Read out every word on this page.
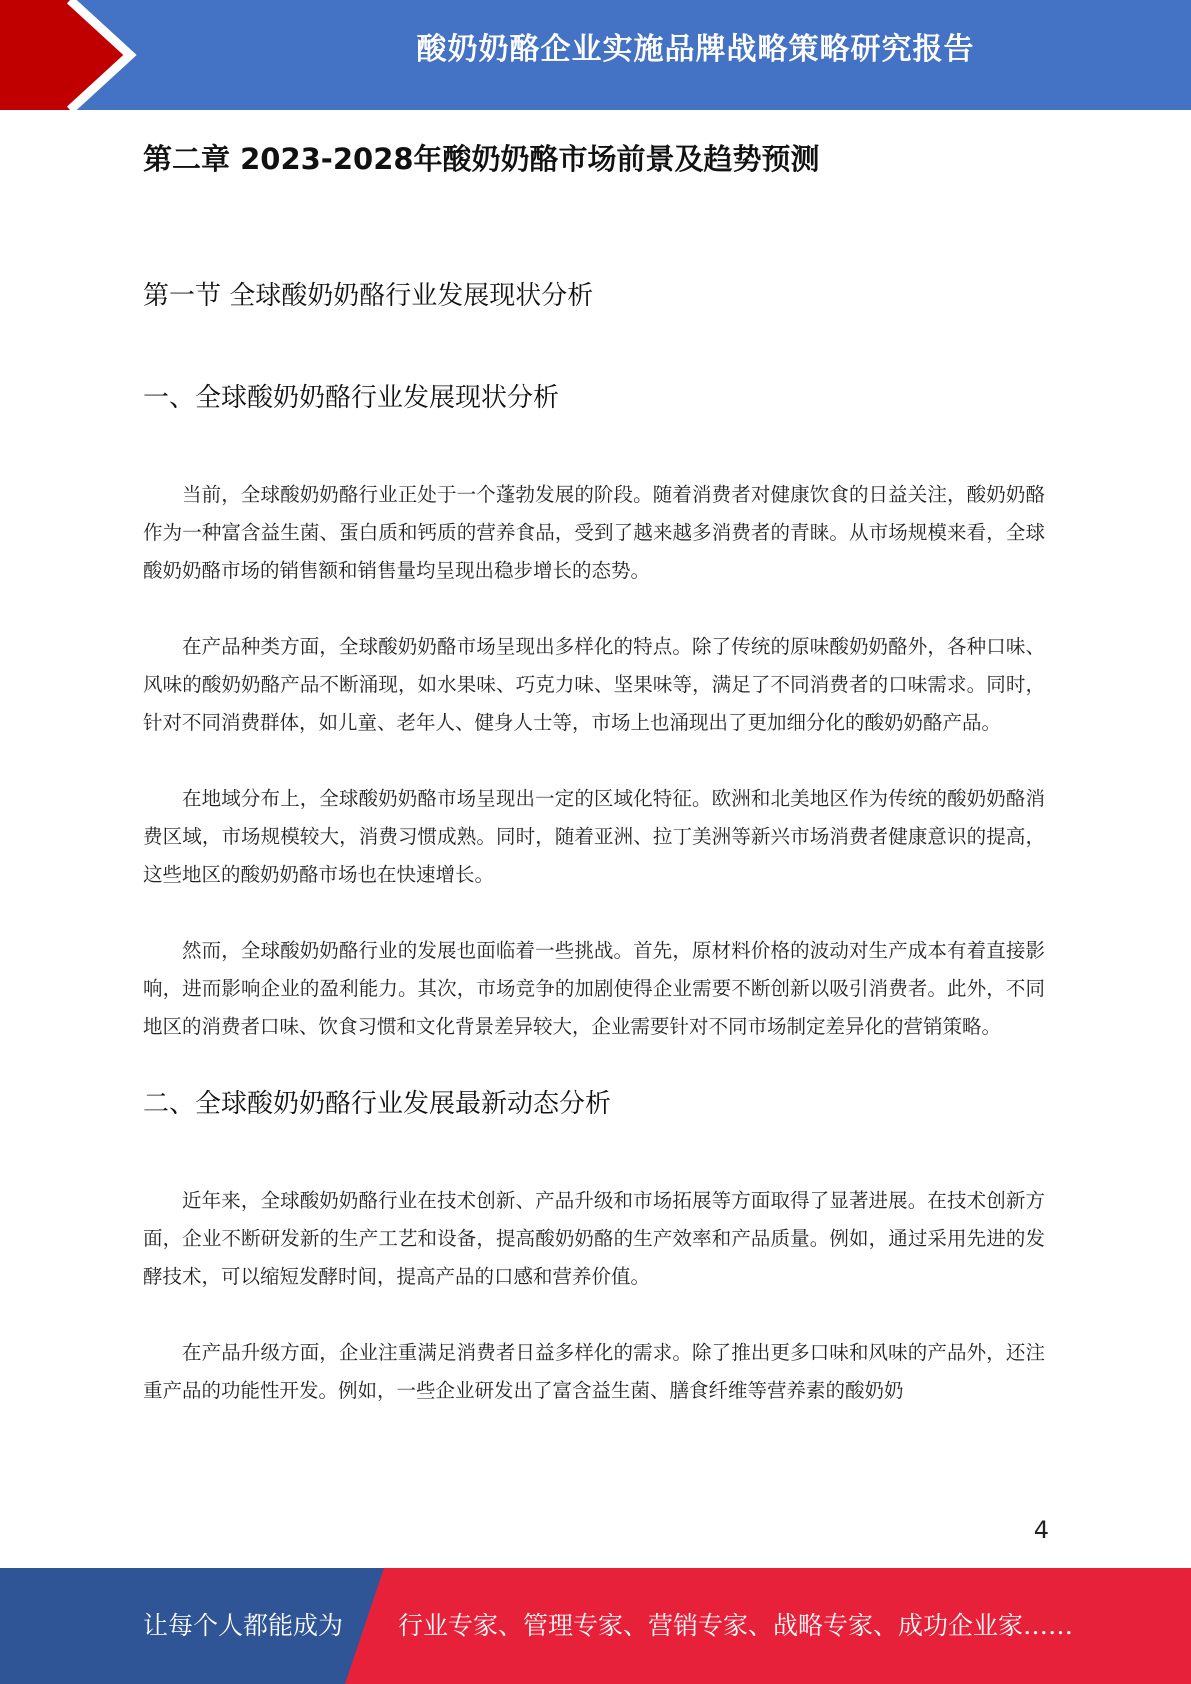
酸奶奶酪企业实施品牌战略策略研究报告
第二章 2023-2028年酸奶奶酪市场前景及趋势预测
第一节 全球酸奶奶酪行业发展现状分析
一、全球酸奶奶酪行业发展现状分析

当前，全球酸奶奶酪行业正处于一个蓬勃发展的阶段。随着消费者对健康饮食的日益关注，酸奶奶酪作为一种富含益生菌、蛋白质和钙质的营养食品，受到了越来越多消费者的青睐。从市场规模来看，全球酸奶奶酪市场的销售额和销售量均呈现出稳步增长的态势。

在产品种类方面，全球酸奶奶酪市场呈现出多样化的特点。除了传统的原味酸奶奶酪外，各种口味、风味的酸奶奶酪产品不断涌现，如水果味、巧克力味、坚果味等，满足了不同消费者的口味需求。同时，针对不同消费群体，如儿童、老年人、健身人士等，市场上也涌现出了更加细分化的酸奶奶酪产品。

在地域分布上，全球酸奶奶酪市场呈现出一定的区域化特征。欧洲和北美地区作为传统的酸奶奶酪消费区域，市场规模较大，消费习惯成熟。同时，随着亚洲、拉丁美洲等新兴市场消费者健康意识的提高，这些地区的酸奶奶酪市场也在快速增长。

然而，全球酸奶奶酪行业的发展也面临着一些挑战。首先，原材料价格的波动对生产成本有着直接影响，进而影响企业的盈利能力。其次，市场竞争的加剧使得企业需要不断创新以吸引消费者。此外，不同地区的消费者口味、饮食习惯和文化背景差异较大，企业需要针对不同市场制定差异化的营销策略。

二、全球酸奶奶酪行业发展最新动态分析

近年来，全球酸奶奶酪行业在技术创新、产品升级和市场拓展等方面取得了显著进展。在技术创新方面，企业不断研发新的生产工艺和设备，提高酸奶奶酪的生产效率和产品质量。例如，通过采用先进的发酵技术，可以缩短发酵时间，提高产品的口感和营养价值。

在产品升级方面，企业注重满足消费者日益多样化的需求。除了推出更多口味和风味的产品外，还注重产品的功能性开发。例如，一些企业研发出了富含益生菌、膳食纤维等营养素的酸奶奶

4
让每个人都能成为 行业专家、管理专家、营销专家、战略专家、成功企业家……
